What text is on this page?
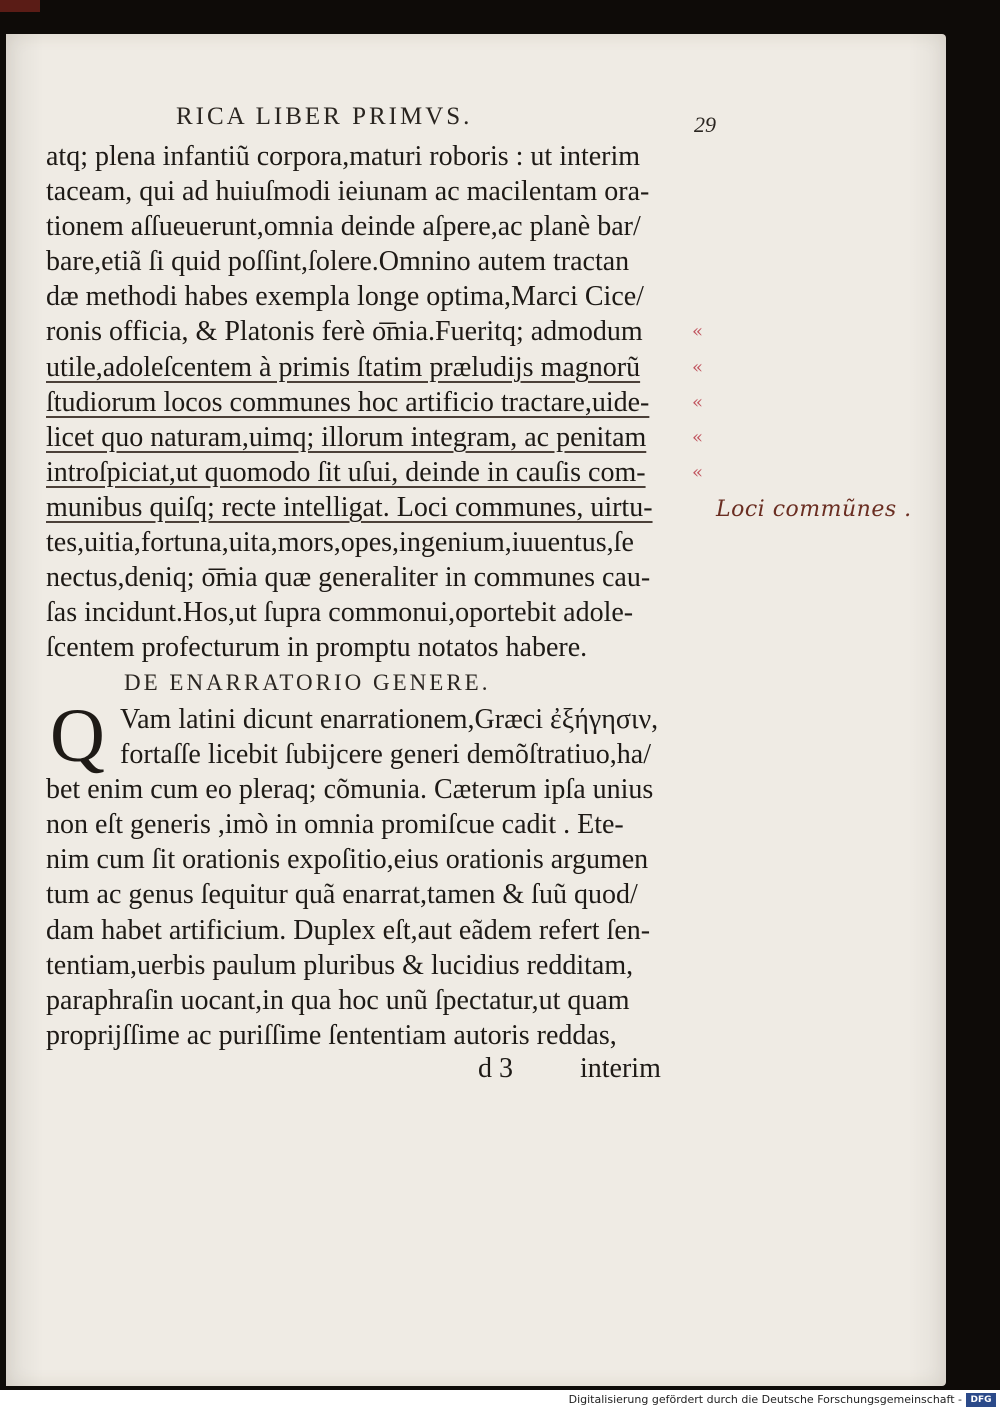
RICA LIBER PRIMVS.	29
atq; plena infantiũ corpora,maturi roboris : ut interim
taceam, qui ad huiuſmodi ieiunam ac macilentam ora-
tionem aſſueuerunt,omnia deinde aſpere,ac planè bar/
bare,etiã ſi quid poſſint,ſolere.Omnino autem tractan
dæ methodi habes exempla longe optima,Marci Cice/
ronis officia, & Platonis ferè o͞mia.Fueritq; admodum	«
utile,adoleſcentem à primis ſtatim præludijs magnorũ	«
ſtudiorum locos communes hoc artificio tractare,uide- «
licet quo naturam,uimq; illorum integram, ac penitam	«
introſpiciat,ut quomodo ſit uſui, deinde in cauſis com-	«
munibus quiſq; recte intelligat. Loci communes, uirtu-
tes,uitia,fortuna,uita,mors,opes,ingenium,iuuentus,ſe
nectus,deniq; o͞mia quæ generaliter in communes cau-
ſas incidunt.Hos,ut ſupra commonui,oportebit adole-
ſcentem profecturum in promptu notatos habere.
DE ENARRATORIO GENERE.
Q Vam latini dicunt enarrationem,Græci ἐξήγησιν,
fortaſſe licebit ſubijcere generi demõſtratiuo,ha/
bet enim cum eo pleraq; cõmunia. Cæterum ipſa unius
non eſt generis ,imò in omnia promiſcue cadit . Ete-
nim cum ſit orationis expoſitio,eius orationis argumen
tum ac genus ſequitur quã enarrat,tamen & ſuũ quod/
dam habet artificium. Duplex eſt,aut eãdem refert ſen-
tentiam,uerbis paulum pluribus & lucidius redditam,
paraphraſin uocant,in qua hoc unũ ſpectatur,ut quam
proprijſſime ac puriſſime ſententiam autoris reddas,
d 3 interim
Loci commũnes .
Digitalisierung gefördert durch die Deutsche Forschungsgemeinschaft - DFG
